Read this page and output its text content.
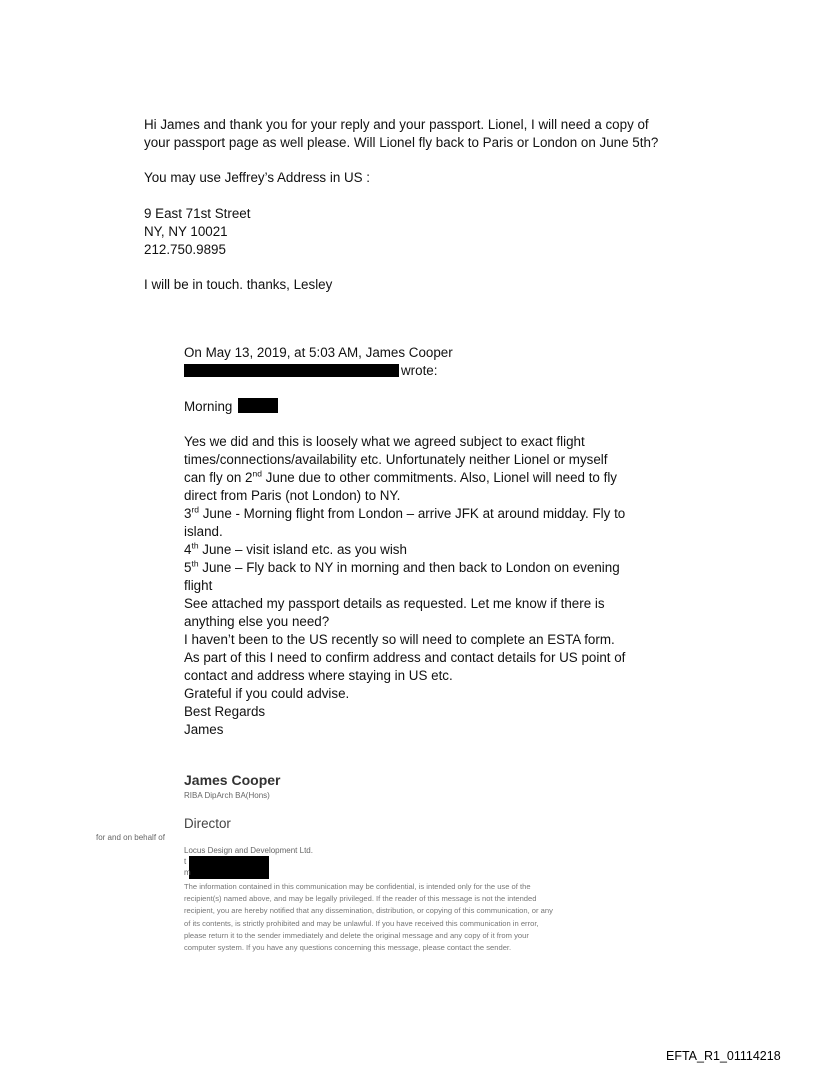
Hi James and thank you for your reply and your passport. Lionel, I will need a copy of
your passport page as well please. Will Lionel fly back to Paris or London on June 5th?
You may use Jeffrey’s Address in US :
9 East 71st Street
NY, NY 10021
212.750.9895
I will be in touch. thanks, Lesley
On May 13, 2019, at 5:03 AM, James Cooper
wrote:
Morning
Yes we did and this is loosely what we agreed subject to exact flight
times/connections/availability etc. Unfortunately neither Lionel or myself
can fly on 2nd June due to other commitments. Also, Lionel will need to fly
direct from Paris (not London) to NY.
3rd June - Morning flight from London – arrive JFK at around midday. Fly to
island.
4th June – visit island etc. as you wish
5th June – Fly back to NY in morning and then back to London on evening
flight
See attached my passport details as requested. Let me know if there is
anything else you need?
I haven’t been to the US recently so will need to complete an ESTA form.
As part of this I need to confirm address and contact details for US point of
contact and address where staying in US etc.
Grateful if you could advise.
Best Regards
James
James Cooper
RIBA DipArch BA(Hons)
Director
for and on behalf of
Locus Design and Development Ltd.
t
m
The information contained in this communication may be confidential, is intended only for the use of the
recipient(s) named above, and may be legally privileged. If the reader of this message is not the intended
recipient, you are hereby notified that any dissemination, distribution, or copying of this communication, or any
of its contents, is strictly prohibited and may be unlawful. If you have received this communication in error,
please return it to the sender immediately and delete the original message and any copy of it from your
computer system. If you have any questions concerning this message, please contact the sender.
EFTA_R1_01114218
